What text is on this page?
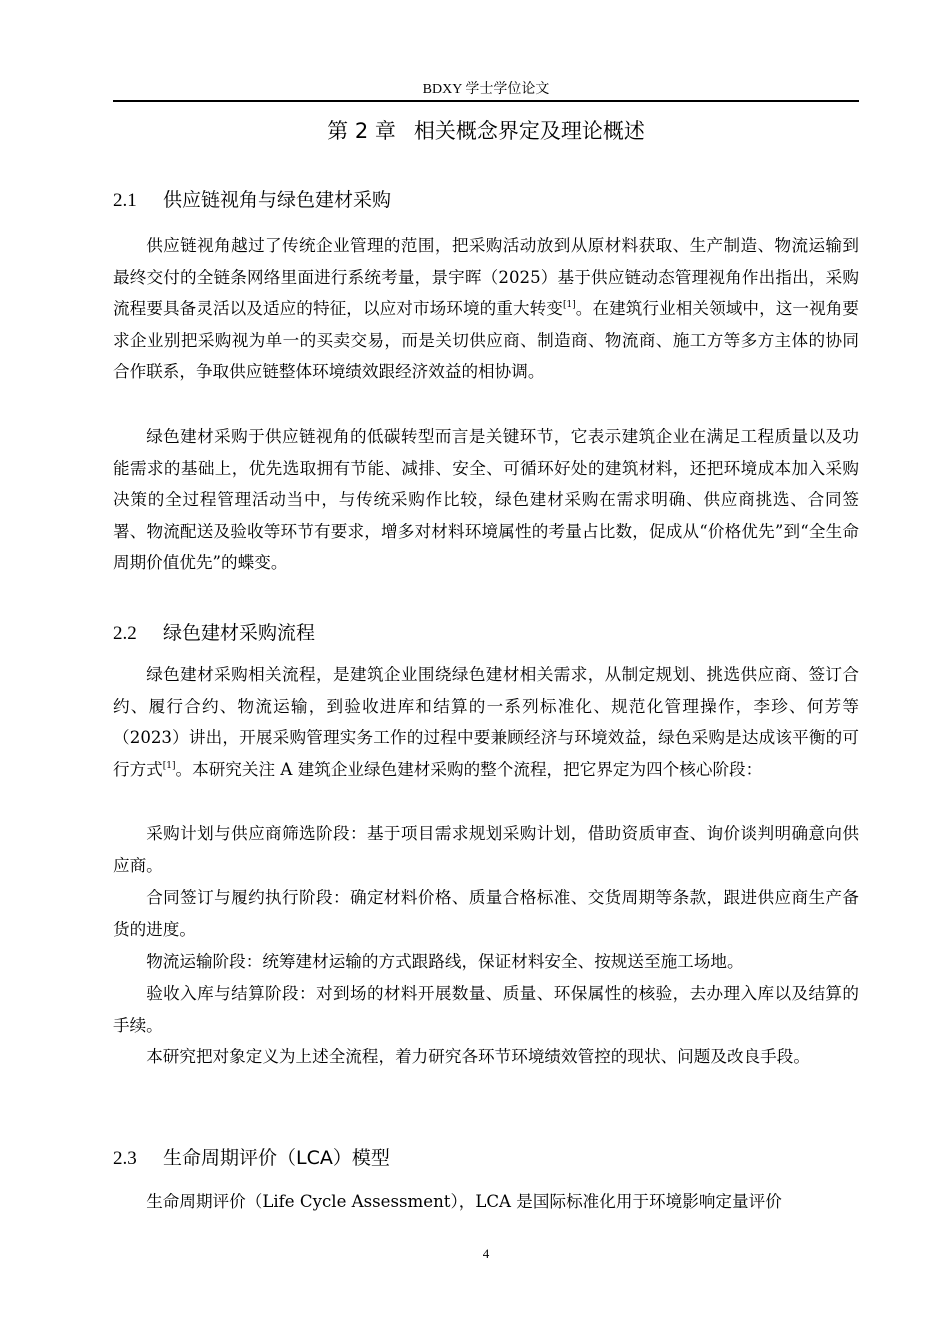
BDXY 学士学位论文
第 2 章 相关概念界定及理论概述
2.1 供应链视角与绿色建材采购

供应链视角越过了传统企业管理的范围，把采购活动放到从原材料获取、生产制造、物流运输到最终交付的全链条网络里面进行系统考量，景宇晖（2025）基于供应链动态管理视角作出指出，采购流程要具备灵活以及适应的特征，以应对市场环境的重大转变[1]。在建筑行业相关领域中，这一视角要求企业别把采购视为单一的买卖交易，而是关切供应商、制造商、物流商、施工方等多方主体的协同合作联系，争取供应链整体环境绩效跟经济效益的相协调。

绿色建材采购于供应链视角的低碳转型而言是关键环节，它表示建筑企业在满足工程质量以及功能需求的基础上，优先选取拥有节能、减排、安全、可循环好处的建筑材料，还把环境成本加入采购决策的全过程管理活动当中，与传统采购作比较，绿色建材采购在需求明确、供应商挑选、合同签署、物流配送及验收等环节有要求，增多对材料环境属性的考量占比数，促成从“价格优先”到“全生命周期价值优先”的蝶变。

2.2 绿色建材采购流程

绿色建材采购相关流程，是建筑企业围绕绿色建材相关需求，从制定规划、挑选供应商、签订合约、履行合约、物流运输，到验收进库和结算的一系列标准化、规范化管理操作，李珍、何芳等（2023）讲出，开展采购管理实务工作的过程中要兼顾经济与环境效益，绿色采购是达成该平衡的可行方式[1]。本研究关注 A 建筑企业绿色建材采购的整个流程，把它界定为四个核心阶段：

采购计划与供应商筛选阶段：基于项目需求规划采购计划，借助资质审查、询价谈判明确意向供应商。

合同签订与履约执行阶段：确定材料价格、质量合格标准、交货周期等条款，跟进供应商生产备货的进度。

物流运输阶段：统筹建材运输的方式跟路线，保证材料安全、按规送至施工场地。

验收入库与结算阶段：对到场的材料开展数量、质量、环保属性的核验，去办理入库以及结算的手续。

本研究把对象定义为上述全流程，着力研究各环节环境绩效管控的现状、问题及改良手段。

2.3 生命周期评价（LCA）模型

生命周期评价（Life Cycle Assessment），LCA 是国际标准化用于环境影响定量评价

4
